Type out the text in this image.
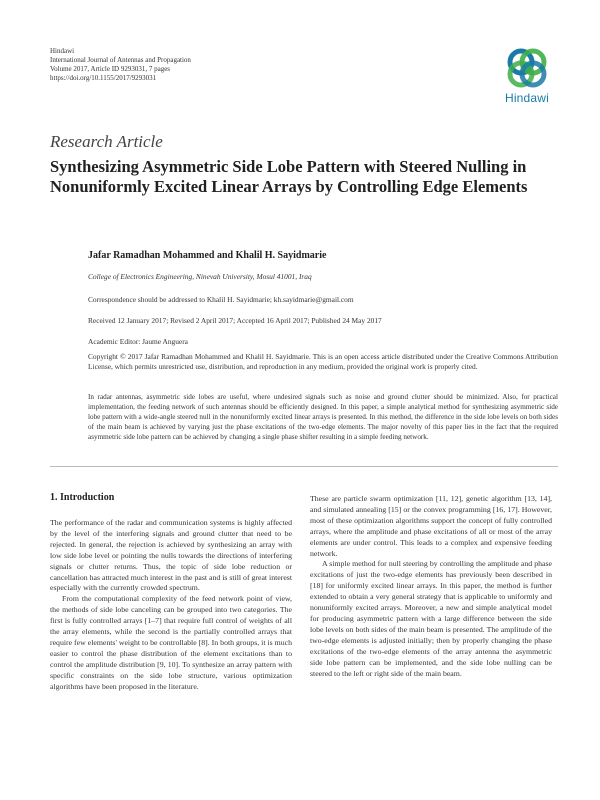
Hindawi
International Journal of Antennas and Propagation
Volume 2017, Article ID 9293031, 7 pages
https://doi.org/10.1155/2017/9293031
Hindawi
Research Article
Synthesizing Asymmetric Side Lobe Pattern with Steered Nulling in Nonuniformly Excited Linear Arrays by Controlling Edge Elements
Jafar Ramadhan Mohammed and Khalil H. Sayidmarie
College of Electronics Engineering, Ninevah University, Mosul 41001, Iraq
Correspondence should be addressed to Khalil H. Sayidmarie; kh.sayidmarie@gmail.com
Received 12 January 2017; Revised 2 April 2017; Accepted 16 April 2017; Published 24 May 2017
Academic Editor: Jaume Anguera
Copyright © 2017 Jafar Ramadhan Mohammed and Khalil H. Sayidmarie. This is an open access article distributed under the Creative Commons Attribution License, which permits unrestricted use, distribution, and reproduction in any medium, provided the original work is properly cited.
In radar antennas, asymmetric side lobes are useful, where undesired signals such as noise and ground clutter should be minimized. Also, for practical implementation, the feeding network of such antennas should be efficiently designed. In this paper, a simple analytical method for synthesizing asymmetric side lobe pattern with a wide-angle steered null in the nonuniformly excited linear arrays is presented. In this method, the difference in the side lobe levels on both sides of the main beam is achieved by varying just the phase excitations of the two-edge elements. The major novelty of this paper lies in the fact that the required asymmetric side lobe pattern can be achieved by changing a single phase shifter resulting in a simple feeding network.
1. Introduction

The performance of the radar and communication systems is highly affected by the level of the interfering signals and ground clutter that need to be rejected. In general, the rejection is achieved by synthesizing an array with low side lobe level or pointing the nulls towards the directions of interfering signals or clutter returns. Thus, the topic of side lobe reduction or cancellation has attracted much interest in the past and is still of great interest especially with the currently crowded spectrum.

From the computational complexity of the feed network point of view, the methods of side lobe canceling can be grouped into two categories. The first is fully controlled arrays [1–7] that require full control of weights of all the array elements, while the second is the partially controlled arrays that require few elements' weight to be controllable [8]. In both groups, it is much easier to control the phase distribution of the element excitations than to control the amplitude distribution [9, 10]. To synthesize an array pattern with specific constraints on the side lobe structure, various optimization algorithms have been proposed in the literature.

These are particle swarm optimization [11, 12], genetic algorithm [13, 14], and simulated annealing [15] or the convex programming [16, 17]. However, most of these optimization algorithms support the concept of fully controlled arrays, where the amplitude and phase excitations of all or most of the array elements are under control. This leads to a complex and expensive feeding network.

A simple method for null steering by controlling the amplitude and phase excitations of just the two-edge elements has previously been described in [18] for uniformly excited linear arrays. In this paper, the method is further extended to obtain a very general strategy that is applicable to uniformly and nonuniformly excited arrays. Moreover, a new and simple analytical model for producing asymmetric pattern with a large difference between the side lobe levels on both sides of the main beam is presented. The amplitude of the two-edge elements is adjusted initially; then by properly changing the phase excitations of the two-edge elements of the array antenna the asymmetric side lobe pattern can be implemented, and the side lobe nulling can be steered to the left or right side of the main beam.
